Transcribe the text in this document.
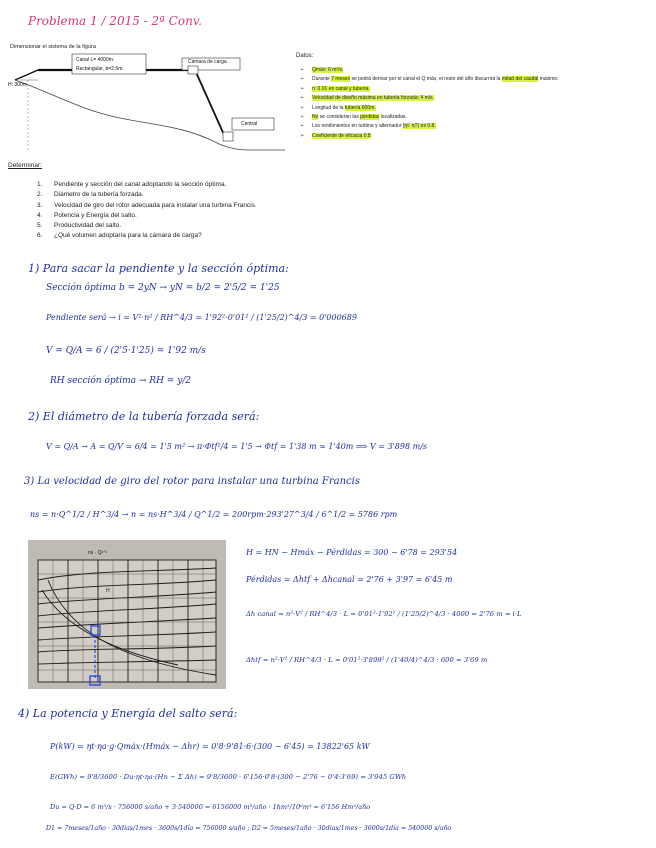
Problema 1 / 2015 - 2ª Conv.
Dimensionar el sistema de la figura
Canal L= 4000m.
Rectangular, b=2.5m.
Cámara de carga
H: 300m
Central
Datos:
➢ Qmáx: 6 m³/s.
➢ Durante 7 meses se podrá derivar por el canal el Q máx, el resto del año discurrirá la mitad del caudal máximo.
➢ n: 0.01 en canal y tubería.
➢ Velocidad de diseño máxima en tubería forzada: 4 m/s.
➢ Longitud de la tubería 600m.
➢ No se consideran las pérdidas localizadas.
➢ Los rendimientos en turbina y alternador (ηt· ηT) es 0.8.
➢ Coeficiente de eficacia 0.8
Determinar:
1. Pendiente y sección del canal adoptando la sección óptima.
2. Diámetro de la tubería forzada.
3. Velocidad de giro del rotor adecuada para instalar una turbina Francis.
4. Potencia y Energía del salto.
5. Productividad del salto.
6. ¿Qué volumen adoptaría para la cámara de carga?
1) Para sacar la pendiente y la sección óptima:
Sección óptima b = 2yN → yN = b/2 = 2'5/2 = 1'25
Pendiente será → i = V²·n² / RH^4/3 = 1'92²·0'01² / (1'25/2)^4/3 = 0'000689
V = Q/A = 6 / (2'5·1'25) = 1'92 m/s
RH sección óptima → RH = y/2
2) El diámetro de la tubería forzada será:
V = Q/A → A = Q/V = 6/4 = 1'5 m² → π·Φtf²/4 = 1'5 → Φtf = 1'38 m ≈ 1'40m ⟹ V = 3'898 m/s
3) La velocidad de giro del rotor para instalar una turbina Francis
ns = n·Q^1/2 / H^3/4 → n = ns·H^3/4 / Q^1/2 = 200rpm·293'27^3/4 / 6^1/2 = 5786 rpm
ns · Q¹ᐟ²
H
H = HN − Hmáx − Pérdidas = 300 − 6'78 = 293'54
Pérdidas = Δhtf + Δhcanal = 2'76 + 3'97 = 6'45 m
Δh canal = n²·V² / RH^4/3 · L = 0'01²·1'92² / (1'25/2)^4/3 · 4000 = 2'76 m = i·L
Δhtf = n²·V² / RH^4/3 · L = 0'01²·3'898² / (1'40/4)^4/3 · 600 = 3'69 m
4) La potencia y Energía del salto será:
P(kW) = ηt·ηa·g·Qmáx·(Hmáx − Δhr) = 0'8·9'81·6·(300 − 6'45) = 13822'65 kW
E(GWh) = 9'8/3600 · Du·ηt·ηa·(Hn − Σ Δh) = 9'8/3600 · 6'156·0'8·(300 − 2'76 − 0'4·3'69) = 3'945 GWh
Du = Q·D = 6 m³/s · 756000 s/año + 3·540000 = 6156000 m³/año · 1hm³/10⁶m³ = 6'156 Hm³/año
D1 = 7meses/1año · 30días/1mes · 3600s/1día = 756000 s/año ; D2 = 5meses/1año · 30días/1mes · 3600s/1día = 540000 s/año
